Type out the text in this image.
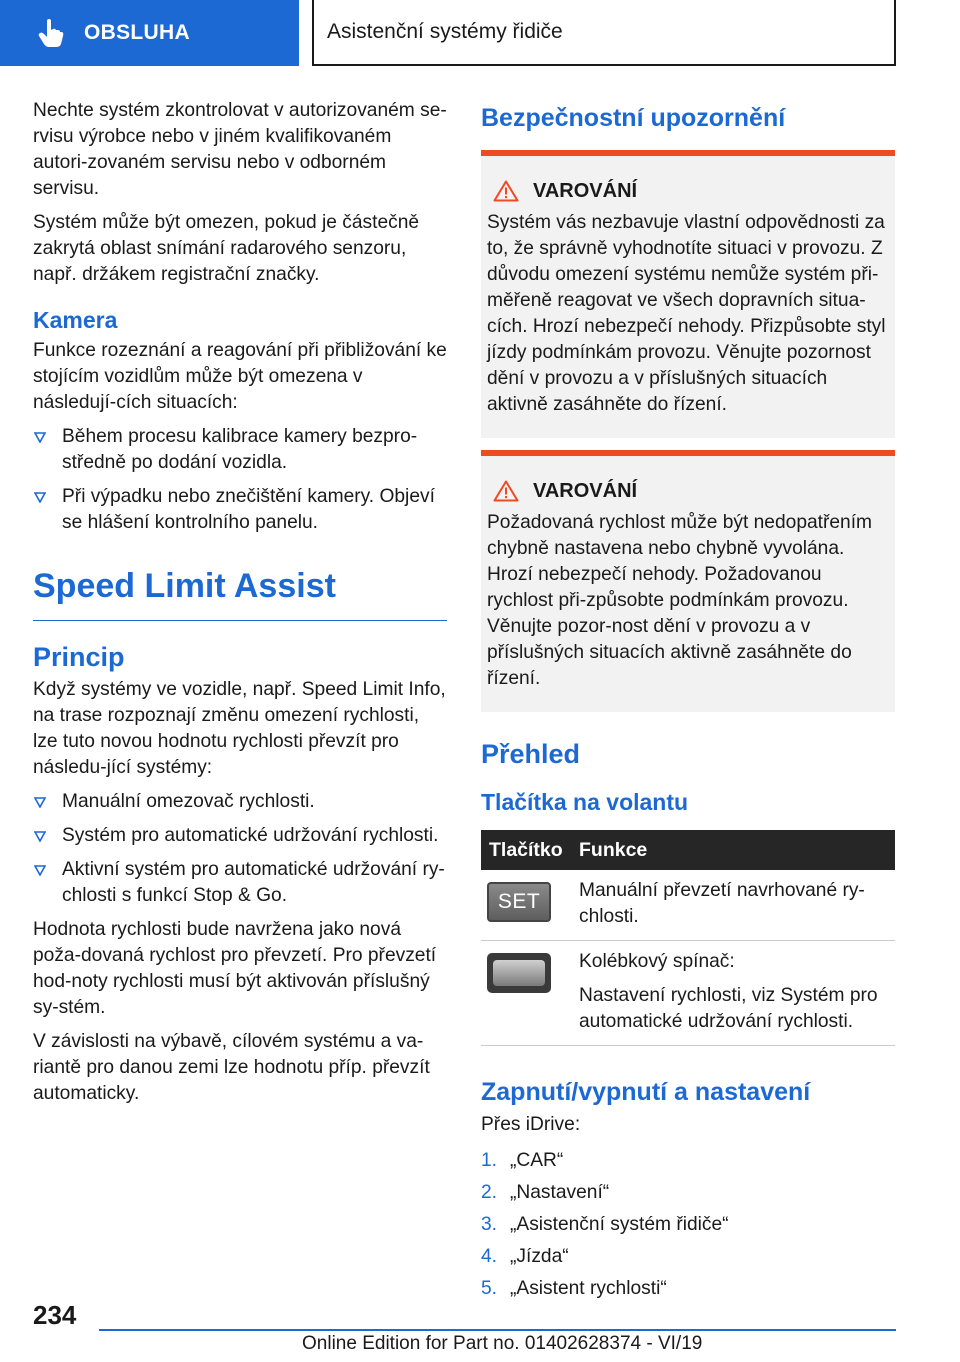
OBSLUHA	Asistenční systémy řidiče

Nechte systém zkontrolovat v autorizovaném se‐rvisu výrobce nebo v jiném kvalifikovaném autori‐zovaném servisu nebo v odborném servisu.

Systém může být omezen, pokud je částečně zakrytá oblast snímání radarového senzoru, např. držákem registrační značky.

Kamera

Funkce rozeznání a reagování při přibližování ke stojícím vozidlům může být omezena v následují‐cích situacích:

Během procesu kalibrace kamery bezpro‐středně po dodání vozidla.
Při výpadku nebo znečištění kamery. Objeví se hlášení kontrolního panelu.
Speed Limit Assist
Princip

Když systémy ve vozidle, např. Speed Limit Info, na trase rozpoznají změnu omezení rychlosti, lze tuto novou hodnotu rychlosti převzít pro následu‐jící systémy:

Manuální omezovač rychlosti.
Systém pro automatické udržování rychlosti.
Aktivní systém pro automatické udržování ry‐chlosti s funkcí Stop & Go.

Hodnota rychlosti bude navržena jako nová poža‐dovaná rychlost pro převzetí. Pro převzetí hod‐noty rychlosti musí být aktivován příslušný sy‐stém.

V závislosti na výbavě, cílovém systému a va‐riantě pro danou zemi lze hodnotu příp. převzít automaticky.

Bezpečnostní upozornění
VAROVÁNÍ
Systém vás nezbavuje vlastní odpovědnosti za to, že správně vyhodnotíte situaci v provozu. Z důvodu omezení systému nemůže systém při‐měřeně reagovat ve všech dopravních situa‐cích. Hrozí nebezpečí nehody. Přizpůsobte styl jízdy podmínkám provozu. Věnujte pozornost dění v provozu a v příslušných situacích aktivně zasáhněte do řízení.
VAROVÁNÍ
Požadovaná rychlost může být nedopatřením chybně nastavena nebo chybně vyvolána. Hrozí nebezpečí nehody. Požadovanou rychlost při‐způsobte podmínkám provozu. Věnujte pozor‐nost dění v provozu a v příslušných situacích aktivně zasáhněte do řízení.
Přehled
Tlačítka na volantu
Tlačítko	Funkce

SET	Manuální převzetí navrhované ry‐chlosti.

	Kolébkový spínač:

Nastavení rychlosti, viz Systém pro automatické udržování rychlosti.

Zapnutí/vypnutí a nastavení

Přes iDrive:

1. „CAR“
2. „Nastavení“
3. „Asistenční systém řidiče“
4. „Jízda“
5. „Asistent rychlosti“
234
Online Edition for Part no. 01402628374 - VI/19
